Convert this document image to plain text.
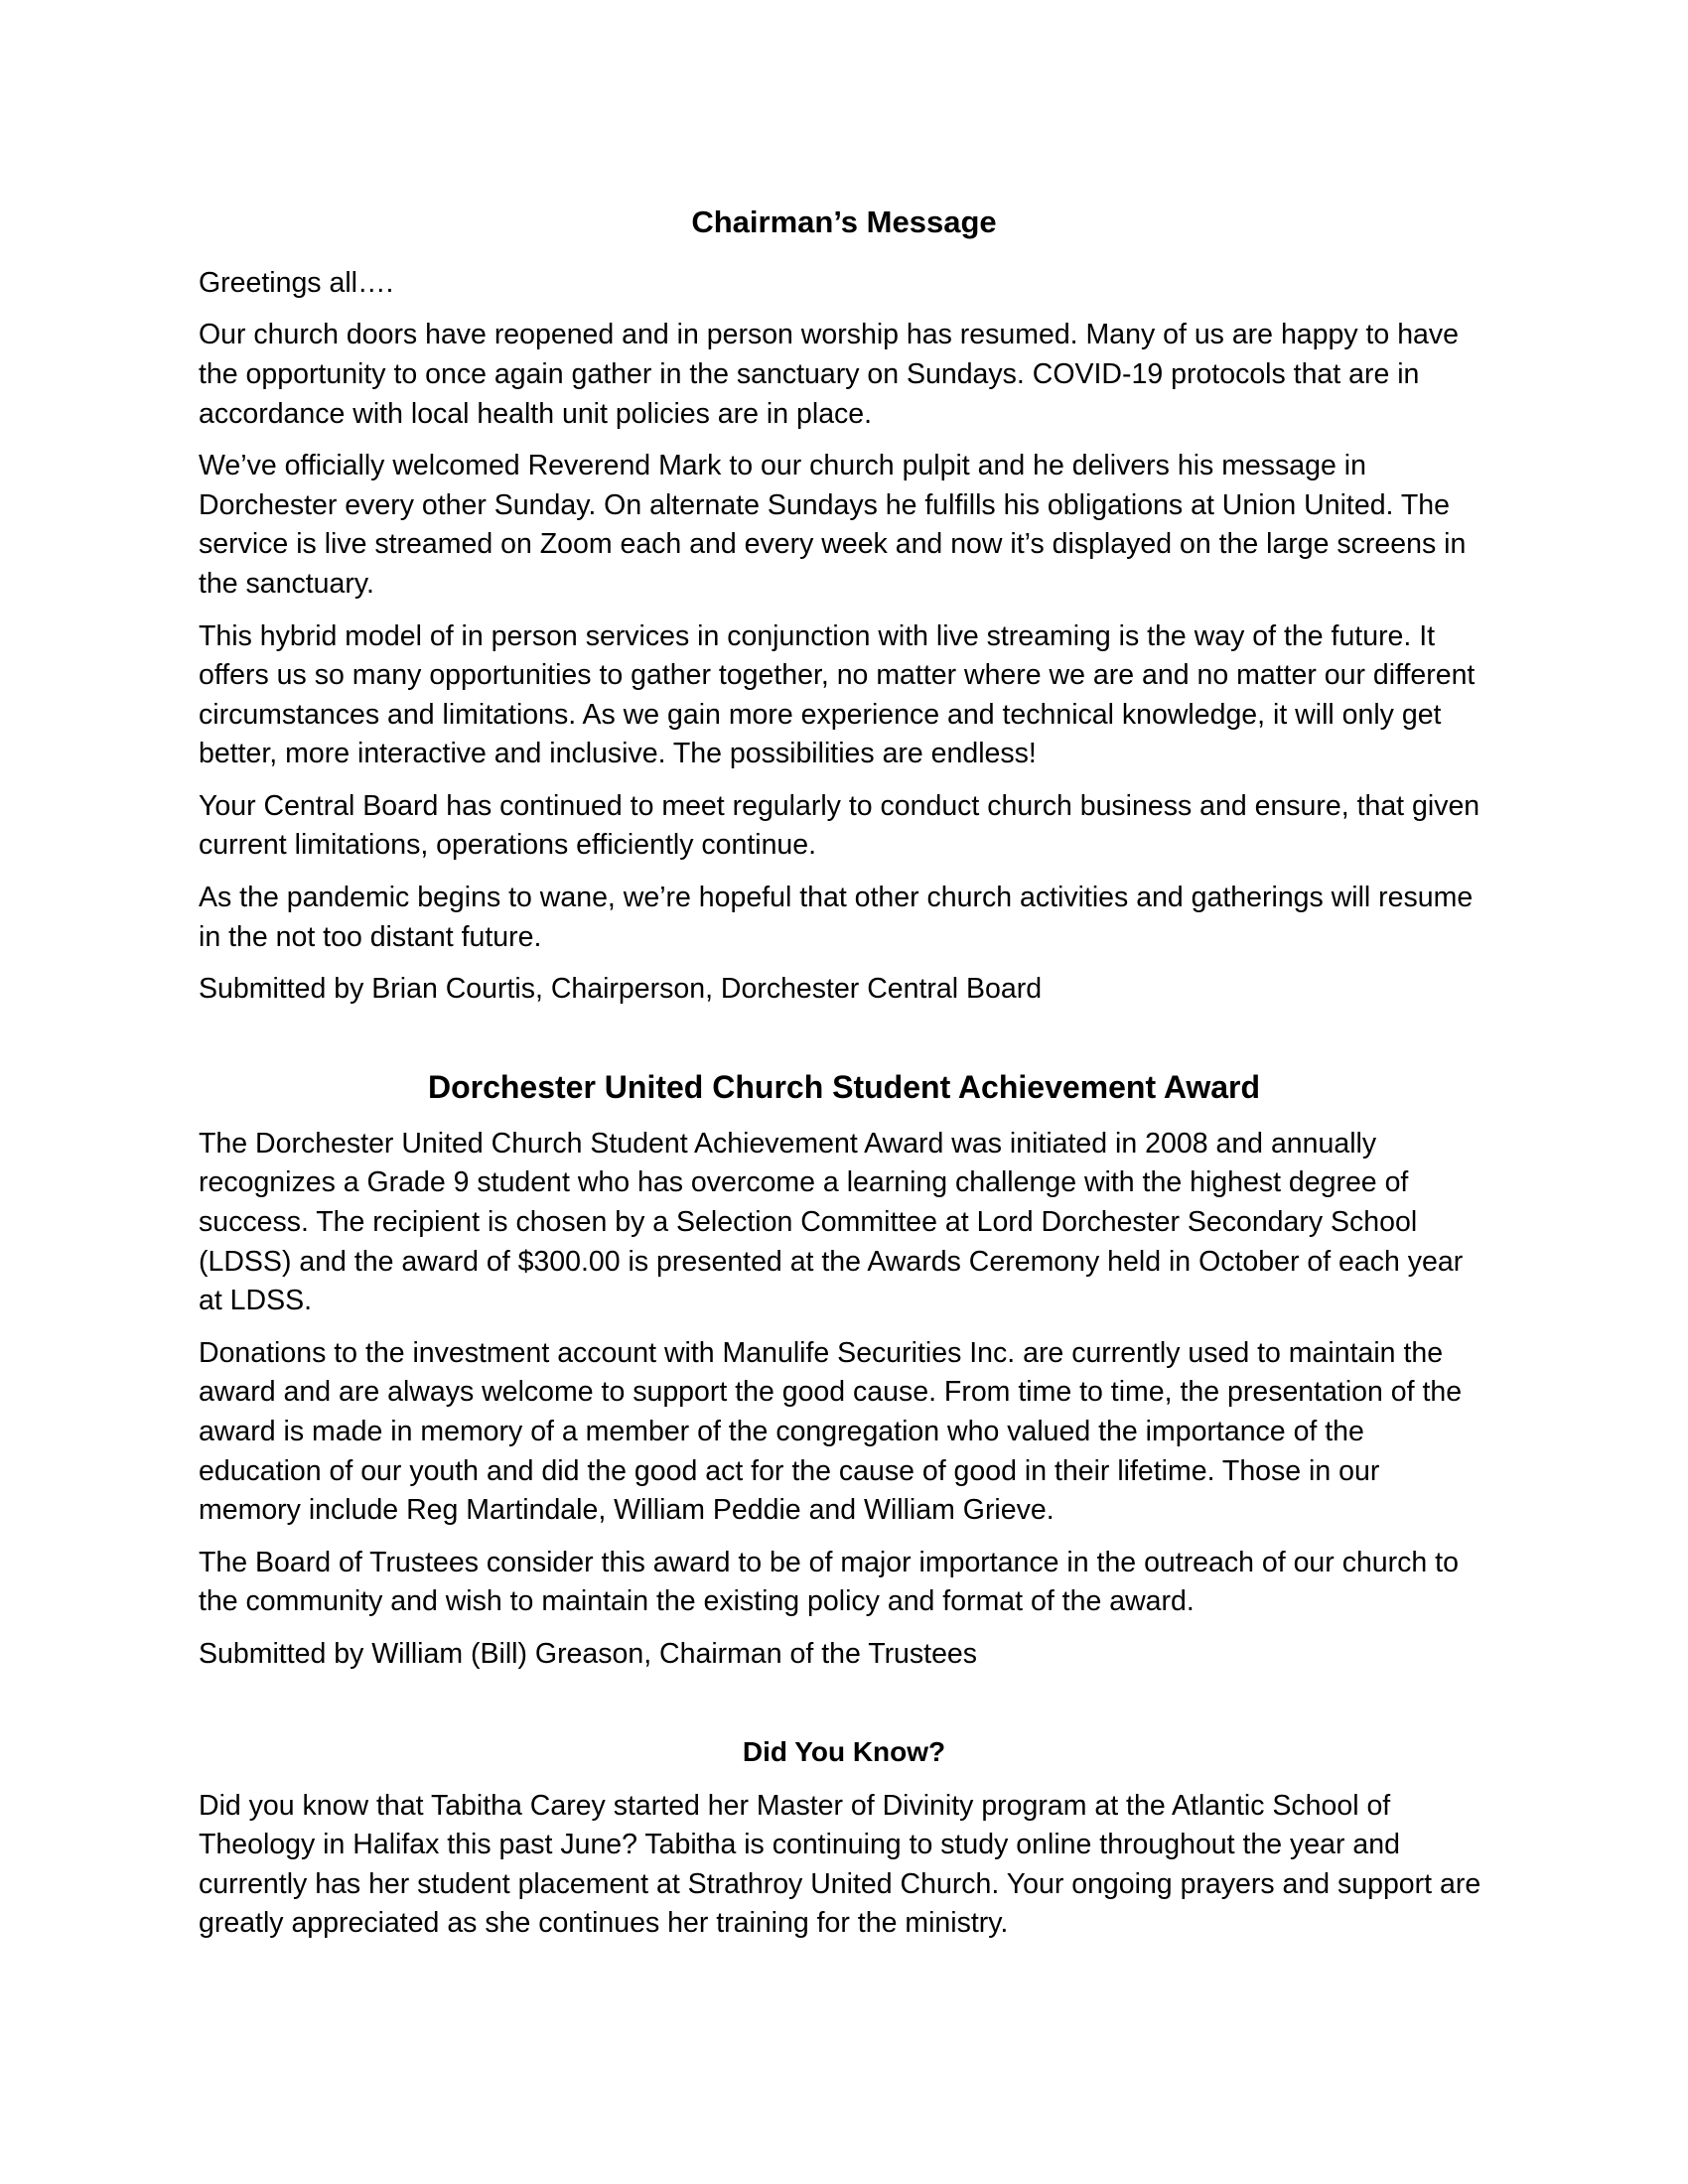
Chairman’s Message

Greetings all….

Our church doors have reopened and in person worship has resumed. Many of us are happy to have the opportunity to once again gather in the sanctuary on Sundays. COVID-19 protocols that are in accordance with local health unit policies are in place.

We’ve officially welcomed Reverend Mark to our church pulpit and he delivers his message in Dorchester every other Sunday. On alternate Sundays he fulfills his obligations at Union United. The service is live streamed on Zoom each and every week and now it’s displayed on the large screens in the sanctuary.

This hybrid model of in person services in conjunction with live streaming is the way of the future. It offers us so many opportunities to gather together, no matter where we are and no matter our different circumstances and limitations. As we gain more experience and technical knowledge, it will only get better, more interactive and inclusive. The possibilities are endless!

Your Central Board has continued to meet regularly to conduct church business and ensure, that given current limitations, operations efficiently continue.

As the pandemic begins to wane, we’re hopeful that other church activities and gatherings will resume in the not too distant future.

Submitted by Brian Courtis, Chairperson, Dorchester Central Board

Dorchester United Church Student Achievement Award

The Dorchester United Church Student Achievement Award was initiated in 2008 and annually recognizes a Grade 9 student who has overcome a learning challenge with the highest degree of success. The recipient is chosen by a Selection Committee at Lord Dorchester Secondary School (LDSS) and the award of $300.00 is presented at the Awards Ceremony held in October of each year at LDSS.

Donations to the investment account with Manulife Securities Inc. are currently used to maintain the award and are always welcome to support the good cause. From time to time, the presentation of the award is made in memory of a member of the congregation who valued the importance of the education of our youth and did the good act for the cause of good in their lifetime. Those in our memory include Reg Martindale, William Peddie and William Grieve.

The Board of Trustees consider this award to be of major importance in the outreach of our church to the community and wish to maintain the existing policy and format of the award.

Submitted by William (Bill) Greason, Chairman of the Trustees

Did You Know?

Did you know that Tabitha Carey started her Master of Divinity program at the Atlantic School of Theology in Halifax this past June? Tabitha is continuing to study online throughout the year and currently has her student placement at Strathroy United Church. Your ongoing prayers and support are greatly appreciated as she continues her training for the ministry.
